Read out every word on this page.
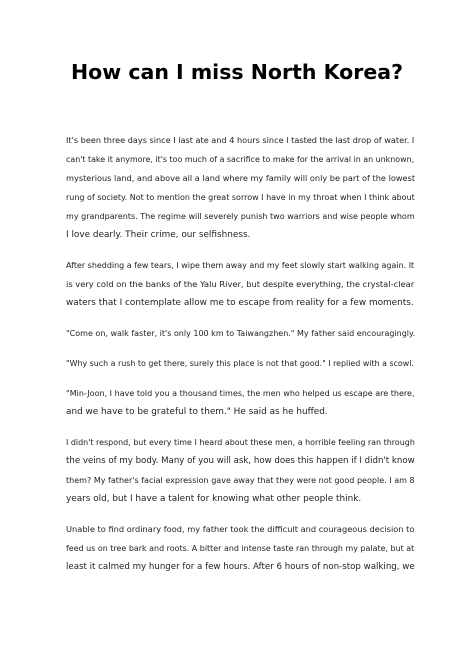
How can I miss North Korea?

It's been three days since I last ate and 4 hours since I tasted the last drop of water. I
can't take it anymore, it's too much of a sacrifice to make for the arrival in an unknown,
mysterious land, and above all a land where my family will only be part of the lowest
rung of society. Not to mention the great sorrow I have in my throat when I think about
my grandparents. The regime will severely punish two warriors and wise people whom
I love dearly. Their crime, our selfishness.

After shedding a few tears, I wipe them away and my feet slowly start walking again. It
is very cold on the banks of the Yalu River, but despite everything, the crystal-clear
waters that I contemplate allow me to escape from reality for a few moments.

"Come on, walk faster, it's only 100 km to Taiwangzhen." My father said encouragingly.

"Why such a rush to get there, surely this place is not that good." I replied with a scowl.

"Min-Joon, I have told you a thousand times, the men who helped us escape are there,
and we have to be grateful to them." He said as he huffed.

I didn't respond, but every time I heard about these men, a horrible feeling ran through
the veins of my body. Many of you will ask, how does this happen if I didn't know
them? My father's facial expression gave away that they were not good people. I am 8
years old, but I have a talent for knowing what other people think.

Unable to find ordinary food, my father took the difficult and courageous decision to
feed us on tree bark and roots. A bitter and intense taste ran through my palate, but at
least it calmed my hunger for a few hours. After 6 hours of non-stop walking, we
